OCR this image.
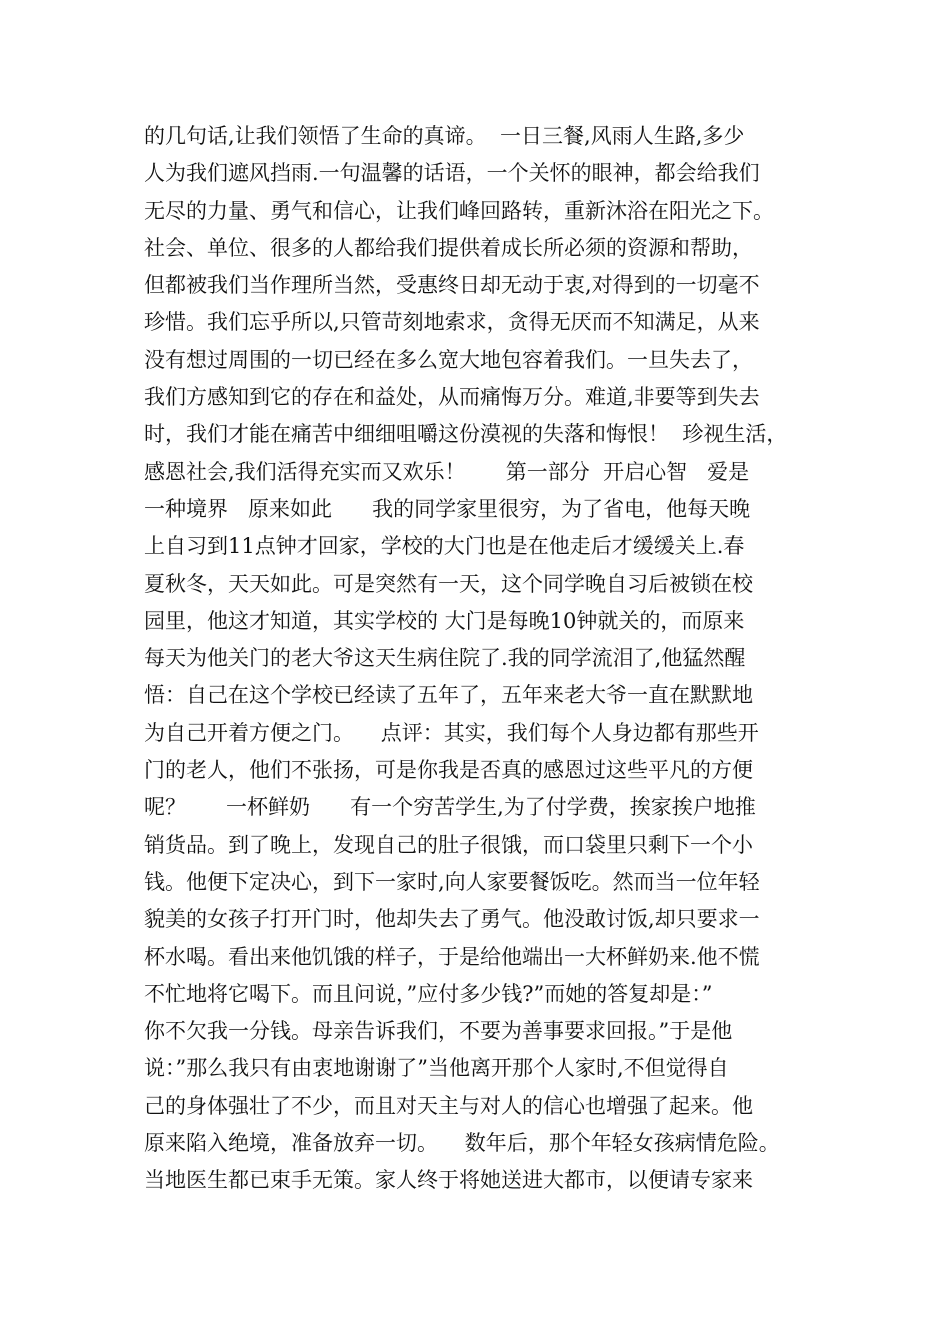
的几句话,让我们领悟了生命的真谛。  一日三餐,风雨人生路,多少
人为我们遮风挡雨.一句温馨的话语，一个关怀的眼神，都会给我们
无尽的力量、勇气和信心，让我们峰回路转，重新沐浴在阳光之下。
社会、单位、很多的人都给我们提供着成长所必须的资源和帮助，
但都被我们当作理所当然，受惠终日却无动于衷,对得到的一切毫不
珍惜。我们忘乎所以,只管苛刻地索求，贪得无厌而不知满足，从来
没有想过周围的一切已经在多么宽大地包容着我们。一旦失去了，
我们方感知到它的存在和益处，从而痛悔万分。难道,非要等到失去
时，我们才能在痛苦中细细咀嚼这份漠视的失落和悔恨！  珍视生活，
感恩社会,我们活得充实而又欢乐！      第一部分  开启心智   爱是
一种境界   原来如此      我的同学家里很穷，为了省电，他每天晚
上自习到11点钟才回家，学校的大门也是在他走后才缓缓关上.春
夏秋冬，天天如此。可是突然有一天，这个同学晚自习后被锁在校
园里，他这才知道，其实学校的 大门是每晚10钟就关的，而原来
每天为他关门的老大爷这天生病住院了.我的同学流泪了,他猛然醒
悟：自己在这个学校已经读了五年了，五年来老大爷一直在默默地
为自己开着方便之门。    点评：其实，我们每个人身边都有那些开
门的老人，他们不张扬，可是你我是否真的感恩过这些平凡的方便
呢？      一杯鲜奶      有一个穷苦学生,为了付学费，挨家挨户地推
销货品。到了晚上，发现自己的肚子很饿，而口袋里只剩下一个小
钱。他便下定决心，到下一家时,向人家要餐饭吃。然而当一位年轻
貌美的女孩子打开门时，他却失去了勇气。他没敢讨饭,却只要求一
杯水喝。看出来他饥饿的样子，于是给他端出一大杯鲜奶来.他不慌
不忙地将它喝下。而且问说，”应付多少钱?”而她的答复却是：”
你不欠我一分钱。母亲告诉我们，不要为善事要求回报。”于是他
说：”那么我只有由衷地谢谢了”当他离开那个人家时,不但觉得自
己的身体强壮了不少，而且对天主与对人的信心也增强了起来。他
原来陷入绝境，准备放弃一切。    数年后，那个年轻女孩病情危险。
当地医生都已束手无策。家人终于将她送进大都市，以便请专家来
